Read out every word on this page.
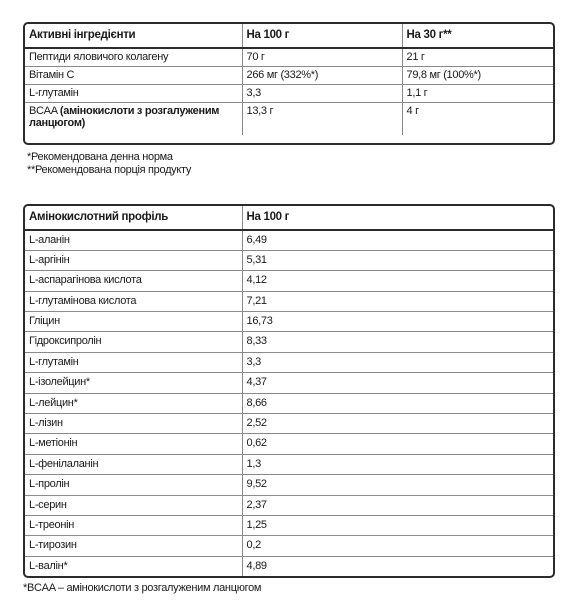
Активні інгредієнти	На 100 г	На 30 г**
Пептиди яловичого колагену	70 г	21 г
Вітамін С	266 мг (332%*)	79,8 мг (100%*)
L-глутамін	3,3	1,1 г
BCAA (амінокислоти з розгалуженим ланцюгом)	13,3 г	4 г
*Рекомендована денна норма
**Рекомендована порція продукту
Амінокислотний профіль	На 100 г
L-аланін	6,49
L-аргінін	5,31
L-аспарагінова кислота	4,12
L-глутамінова кислота	7,21
Гліцин	16,73
Гідроксипролін	8,33
L-глутамін	3,3
L-ізолейцин*	4,37
L-лейцин*	8,66
L-лізин	2,52
L-метіонін	0,62
L-фенілаланін	1,3
L-пролін	9,52
L-серин	2,37
L-треонін	1,25
L-тирозин	0,2
L-валін*	4,89
*BCAA – амінокислоти з розгалуженим ланцюгом
